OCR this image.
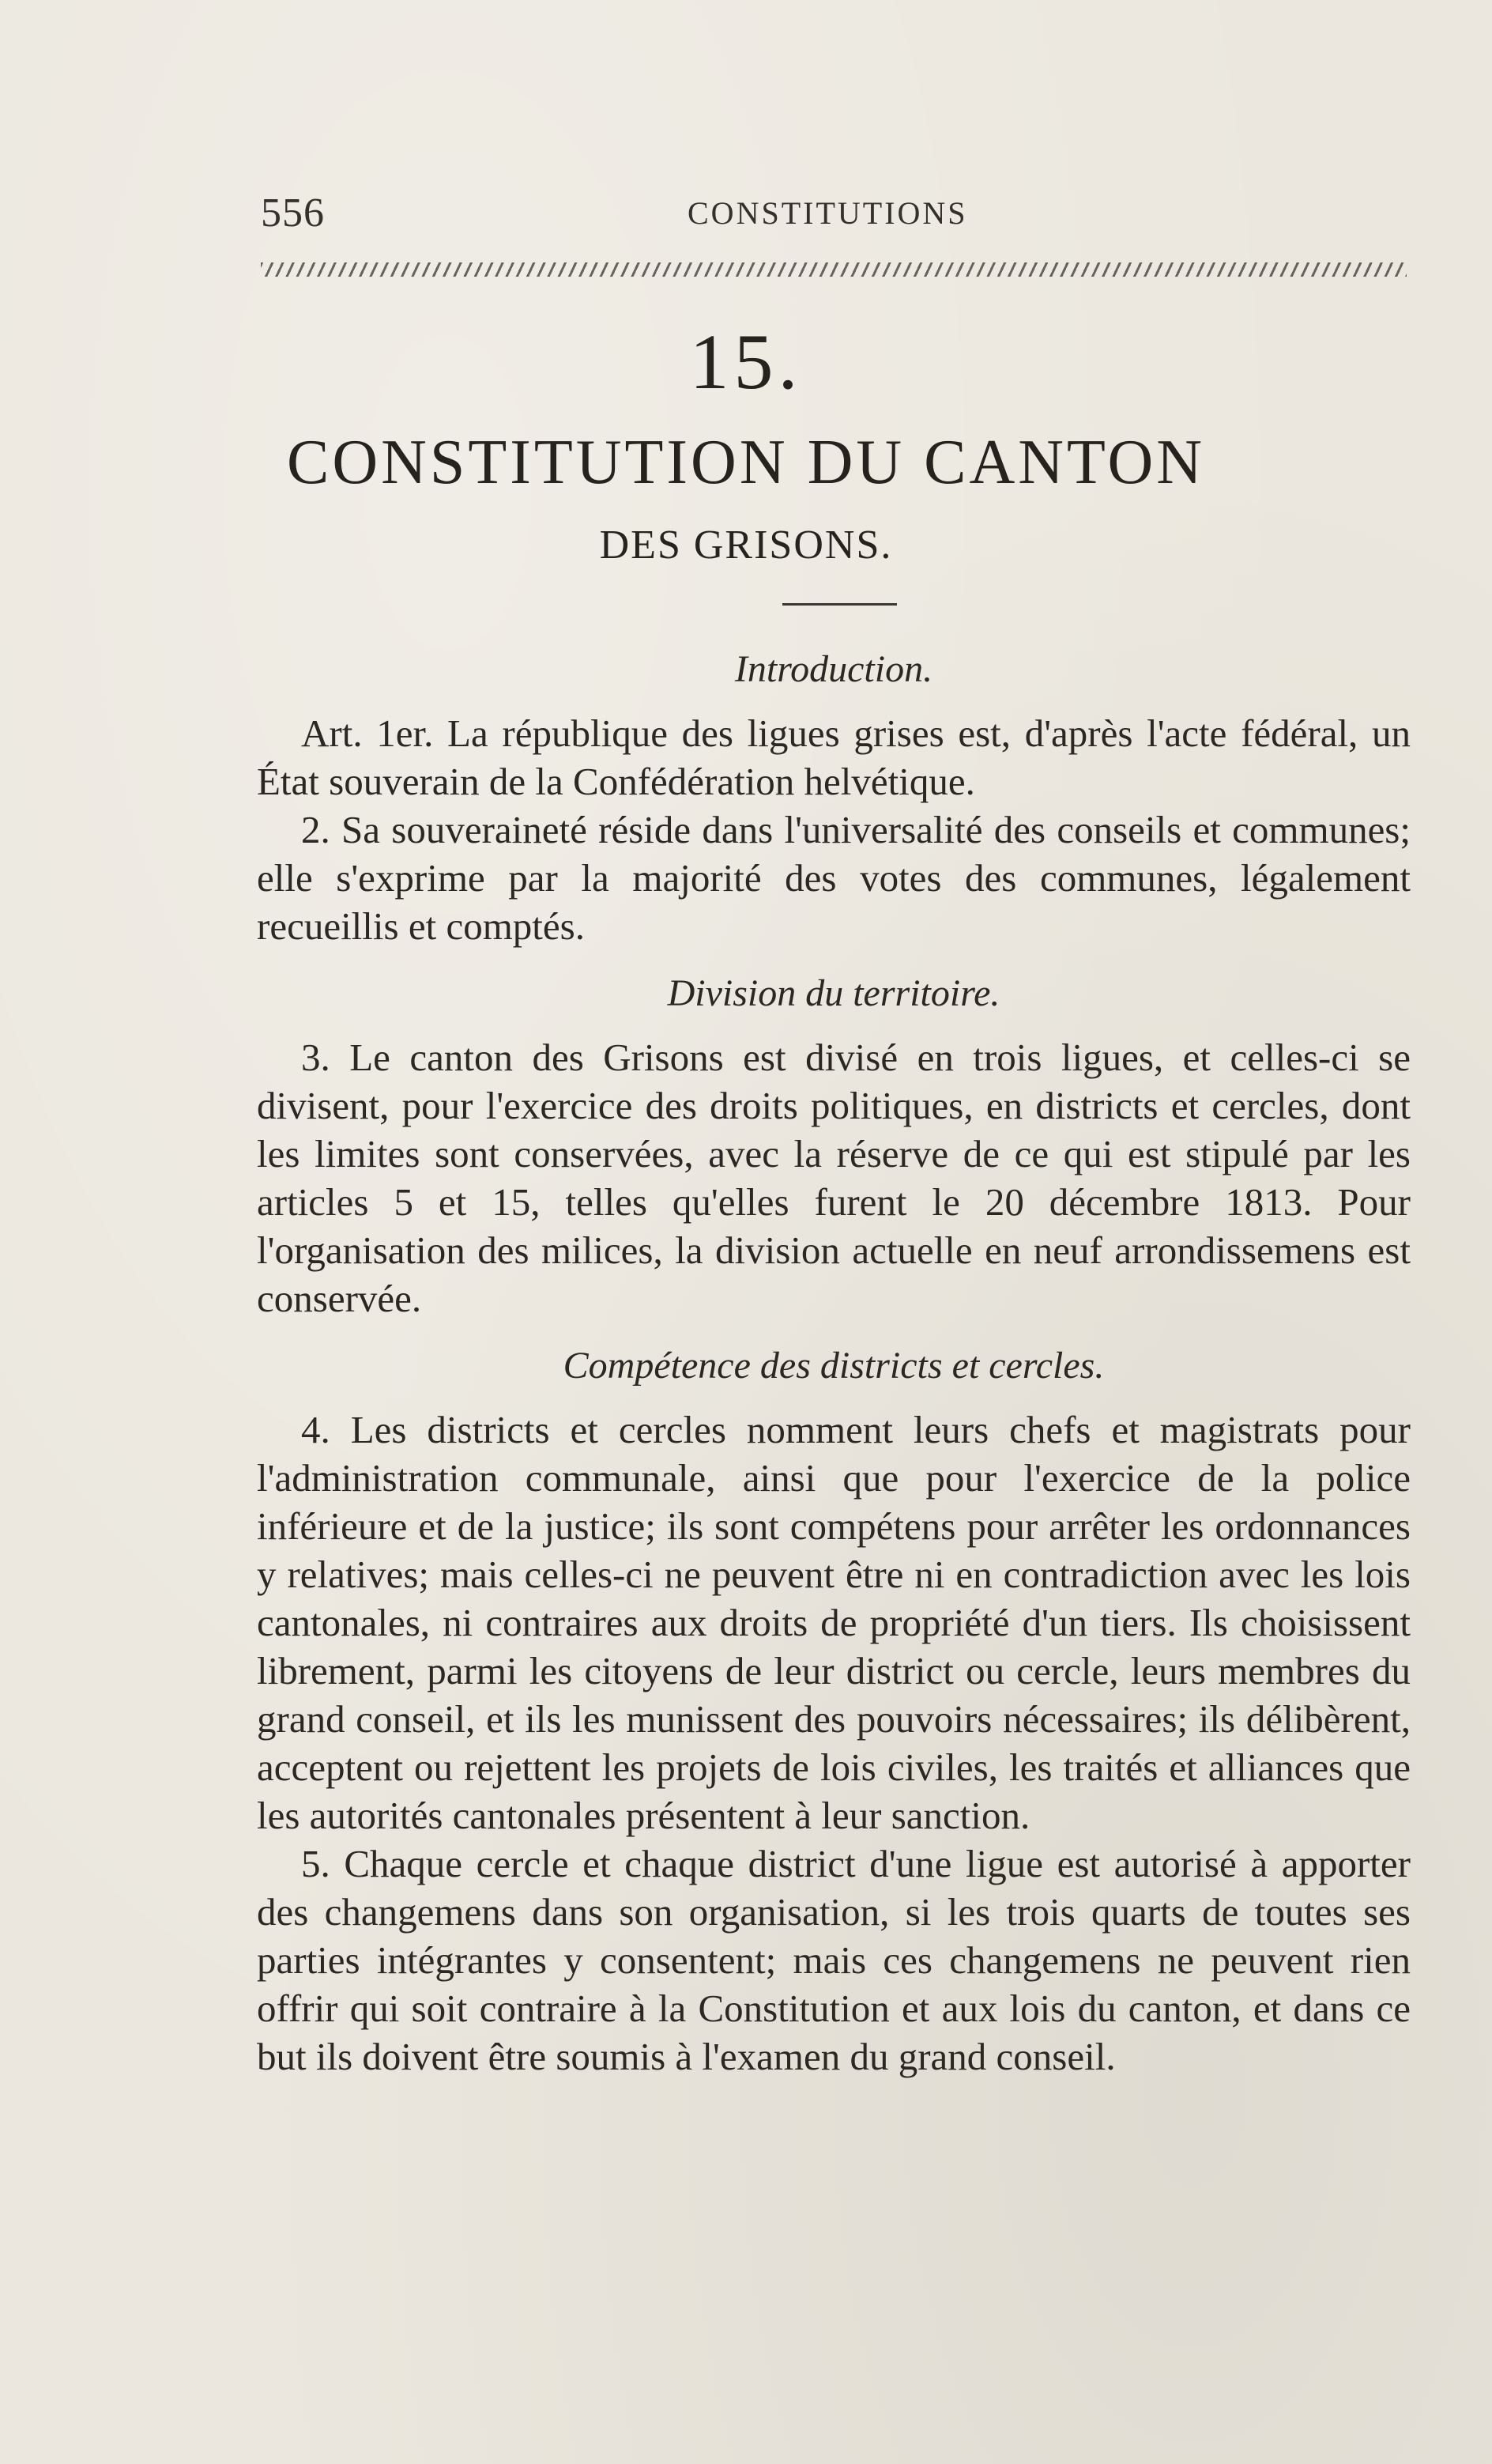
556	CONSTITUTIONS
15.
CONSTITUTION DU CANTON
DES GRISONS.
Introduction.

Art. 1er. La république des ligues grises est, d'après l'acte fédéral, un État souverain de la Confédération helvétique.

2. Sa souveraineté réside dans l'universalité des conseils et communes; elle s'exprime par la majorité des votes des communes, légalement recueillis et comptés.

Division du territoire.

3. Le canton des Grisons est divisé en trois ligues, et celles-ci se divisent, pour l'exercice des droits politiques, en districts et cercles, dont les limites sont conservées, avec la réserve de ce qui est stipulé par les articles 5 et 15, telles qu'elles furent le 20 décembre 1813. Pour l'organisation des milices, la division actuelle en neuf arrondissemens est conservée.

Compétence des districts et cercles.

4. Les districts et cercles nomment leurs chefs et magistrats pour l'administration communale, ainsi que pour l'exercice de la police inférieure et de la justice; ils sont compétens pour arrêter les ordonnances y relatives; mais celles-ci ne peuvent être ni en contradiction avec les lois cantonales, ni contraires aux droits de propriété d'un tiers. Ils choisissent librement, parmi les citoyens de leur district ou cercle, leurs membres du grand conseil, et ils les munissent des pouvoirs nécessaires; ils délibèrent, acceptent ou rejettent les projets de lois civiles, les traités et alliances que les autorités cantonales présentent à leur sanction.

5. Chaque cercle et chaque district d'une ligue est autorisé à apporter des changemens dans son organisation, si les trois quarts de toutes ses parties intégrantes y consentent; mais ces changemens ne peuvent rien offrir qui soit contraire à la Constitution et aux lois du canton, et dans ce but ils doivent être soumis à l'examen du grand conseil.
